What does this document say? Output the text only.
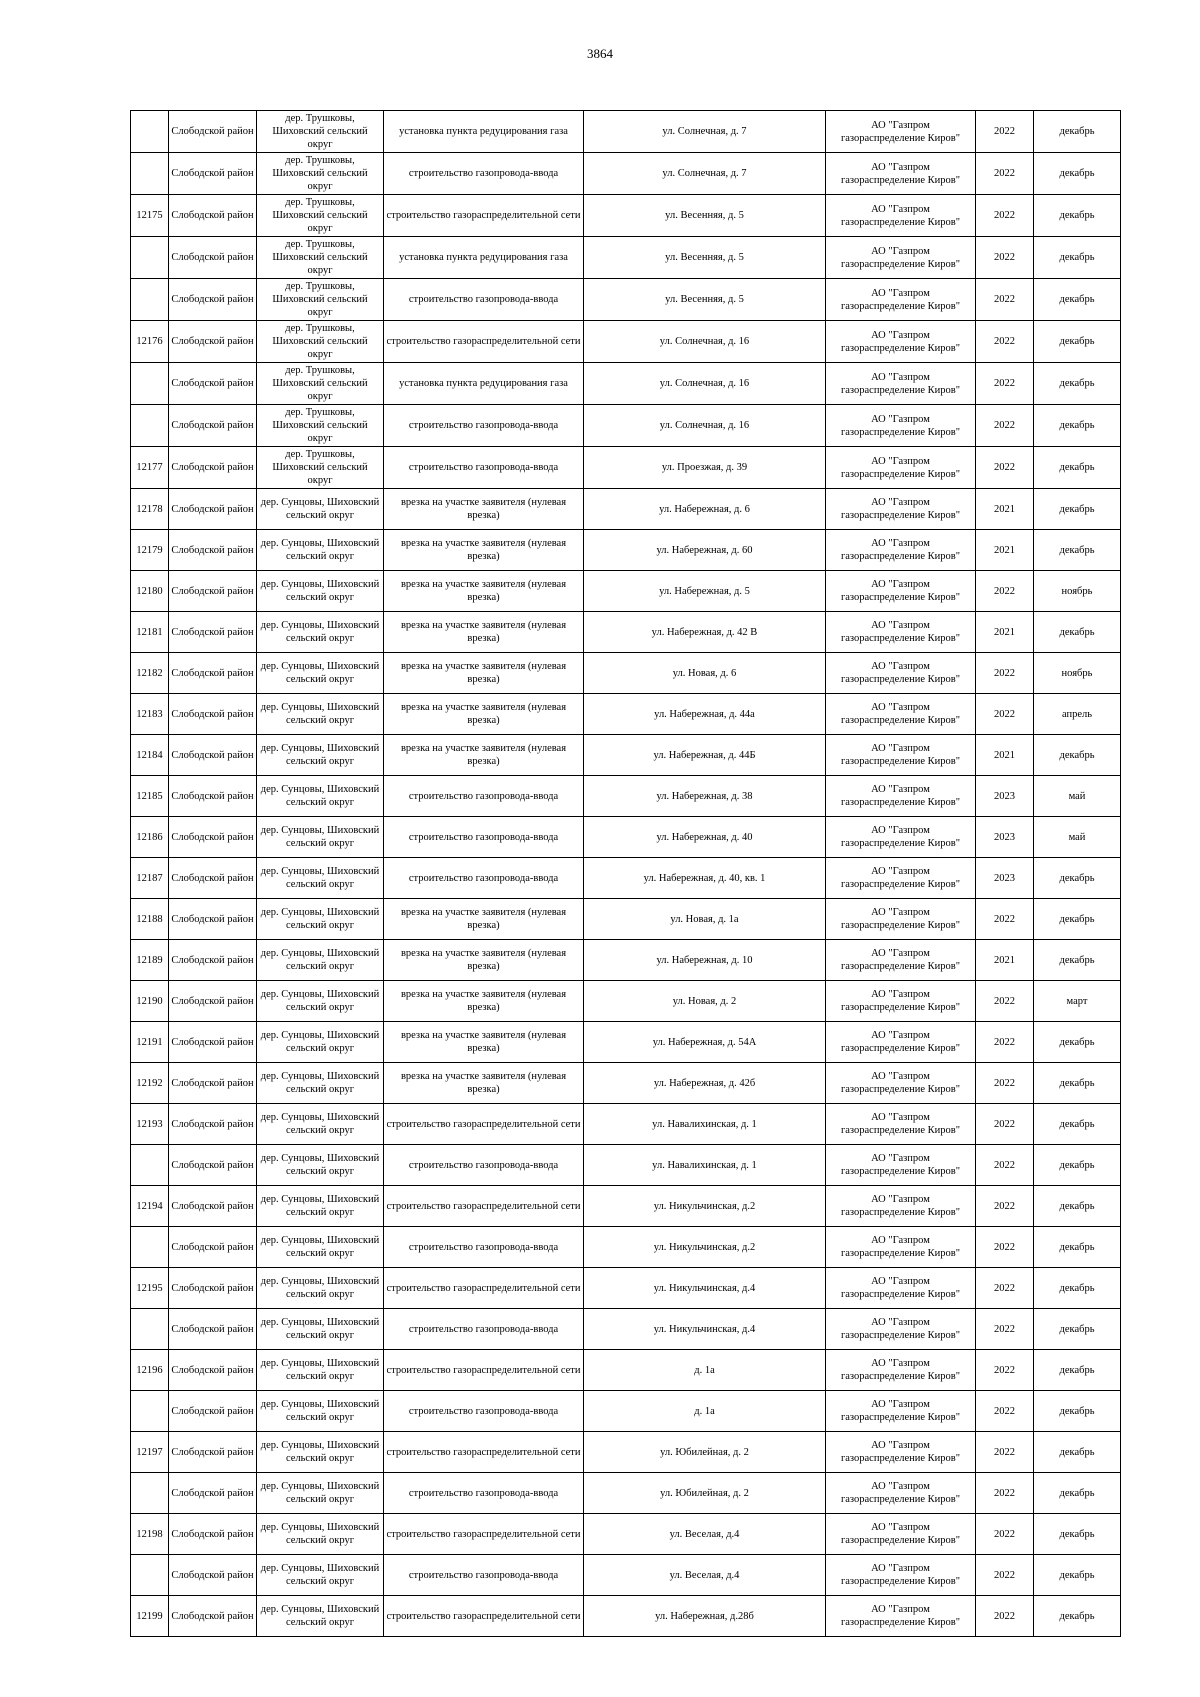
3864
	Слободской район	дер. Трушковы, Шиховский сельский округ	установка пункта редуцирования газа	ул. Солнечная, д. 7	АО "Газпром газораспределение Киров"	2022	декабрь
	Слободской район	дер. Трушковы, Шиховский сельский округ	строительство газопровода-ввода	ул. Солнечная, д. 7	АО "Газпром газораспределение Киров"	2022	декабрь
12175	Слободской район	дер. Трушковы, Шиховский сельский округ	строительство газораспределительной сети	ул. Весенняя, д. 5	АО "Газпром газораспределение Киров"	2022	декабрь
	Слободской район	дер. Трушковы, Шиховский сельский округ	установка пункта редуцирования газа	ул. Весенняя, д. 5	АО "Газпром газораспределение Киров"	2022	декабрь
	Слободской район	дер. Трушковы, Шиховский сельский округ	строительство газопровода-ввода	ул. Весенняя, д. 5	АО "Газпром газораспределение Киров"	2022	декабрь
12176	Слободской район	дер. Трушковы, Шиховский сельский округ	строительство газораспределительной сети	ул. Солнечная, д. 16	АО "Газпром газораспределение Киров"	2022	декабрь
	Слободской район	дер. Трушковы, Шиховский сельский округ	установка пункта редуцирования газа	ул. Солнечная, д. 16	АО "Газпром газораспределение Киров"	2022	декабрь
	Слободской район	дер. Трушковы, Шиховский сельский округ	строительство газопровода-ввода	ул. Солнечная, д. 16	АО "Газпром газораспределение Киров"	2022	декабрь
12177	Слободской район	дер. Трушковы, Шиховский сельский округ	строительство газопровода-ввода	ул. Проезжая, д. 39	АО "Газпром газораспределение Киров"	2022	декабрь
12178	Слободской район	дер. Сунцовы, Шиховский сельский округ	врезка на участке заявителя (нулевая врезка)	ул. Набережная, д. 6	АО "Газпром газораспределение Киров"	2021	декабрь
12179	Слободской район	дер. Сунцовы, Шиховский сельский округ	врезка на участке заявителя (нулевая врезка)	ул. Набережная, д. 60	АО "Газпром газораспределение Киров"	2021	декабрь
12180	Слободской район	дер. Сунцовы, Шиховский сельский округ	врезка на участке заявителя (нулевая врезка)	ул. Набережная, д. 5	АО "Газпром газораспределение Киров"	2022	ноябрь
12181	Слободской район	дер. Сунцовы, Шиховский сельский округ	врезка на участке заявителя (нулевая врезка)	ул. Набережная, д. 42 В	АО "Газпром газораспределение Киров"	2021	декабрь
12182	Слободской район	дер. Сунцовы, Шиховский сельский округ	врезка на участке заявителя (нулевая врезка)	ул. Новая, д. 6	АО "Газпром газораспределение Киров"	2022	ноябрь
12183	Слободской район	дер. Сунцовы, Шиховский сельский округ	врезка на участке заявителя (нулевая врезка)	ул. Набережная, д. 44а	АО "Газпром газораспределение Киров"	2022	апрель
12184	Слободской район	дер. Сунцовы, Шиховский сельский округ	врезка на участке заявителя (нулевая врезка)	ул. Набережная, д. 44Б	АО "Газпром газораспределение Киров"	2021	декабрь
12185	Слободской район	дер. Сунцовы, Шиховский сельский округ	строительство газопровода-ввода	ул. Набережная, д. 38	АО "Газпром газораспределение Киров"	2023	май
12186	Слободской район	дер. Сунцовы, Шиховский сельский округ	строительство газопровода-ввода	ул. Набережная, д. 40	АО "Газпром газораспределение Киров"	2023	май
12187	Слободской район	дер. Сунцовы, Шиховский сельский округ	строительство газопровода-ввода	ул. Набережная, д. 40, кв. 1	АО "Газпром газораспределение Киров"	2023	декабрь
12188	Слободской район	дер. Сунцовы, Шиховский сельский округ	врезка на участке заявителя (нулевая врезка)	ул. Новая, д. 1а	АО "Газпром газораспределение Киров"	2022	декабрь
12189	Слободской район	дер. Сунцовы, Шиховский сельский округ	врезка на участке заявителя (нулевая врезка)	ул. Набережная, д. 10	АО "Газпром газораспределение Киров"	2021	декабрь
12190	Слободской район	дер. Сунцовы, Шиховский сельский округ	врезка на участке заявителя (нулевая врезка)	ул. Новая, д. 2	АО "Газпром газораспределение Киров"	2022	март
12191	Слободской район	дер. Сунцовы, Шиховский сельский округ	врезка на участке заявителя (нулевая врезка)	ул. Набережная, д. 54А	АО "Газпром газораспределение Киров"	2022	декабрь
12192	Слободской район	дер. Сунцовы, Шиховский сельский округ	врезка на участке заявителя (нулевая врезка)	ул. Набережная, д. 42б	АО "Газпром газораспределение Киров"	2022	декабрь
12193	Слободской район	дер. Сунцовы, Шиховский сельский округ	строительство газораспределительной сети	ул. Навалихинская, д. 1	АО "Газпром газораспределение Киров"	2022	декабрь
	Слободской район	дер. Сунцовы, Шиховский сельский округ	строительство газопровода-ввода	ул. Навалихинская, д. 1	АО "Газпром газораспределение Киров"	2022	декабрь
12194	Слободской район	дер. Сунцовы, Шиховский сельский округ	строительство газораспределительной сети	ул. Никульчинская, д.2	АО "Газпром газораспределение Киров"	2022	декабрь
	Слободской район	дер. Сунцовы, Шиховский сельский округ	строительство газопровода-ввода	ул. Никульчинская, д.2	АО "Газпром газораспределение Киров"	2022	декабрь
12195	Слободской район	дер. Сунцовы, Шиховский сельский округ	строительство газораспределительной сети	ул. Никульчинская, д.4	АО "Газпром газораспределение Киров"	2022	декабрь
	Слободской район	дер. Сунцовы, Шиховский сельский округ	строительство газопровода-ввода	ул. Никульчинская, д.4	АО "Газпром газораспределение Киров"	2022	декабрь
12196	Слободской район	дер. Сунцовы, Шиховский сельский округ	строительство газораспределительной сети	д. 1а	АО "Газпром газораспределение Киров"	2022	декабрь
	Слободской район	дер. Сунцовы, Шиховский сельский округ	строительство газопровода-ввода	д. 1а	АО "Газпром газораспределение Киров"	2022	декабрь
12197	Слободской район	дер. Сунцовы, Шиховский сельский округ	строительство газораспределительной сети	ул. Юбилейная, д. 2	АО "Газпром газораспределение Киров"	2022	декабрь
	Слободской район	дер. Сунцовы, Шиховский сельский округ	строительство газопровода-ввода	ул. Юбилейная, д. 2	АО "Газпром газораспределение Киров"	2022	декабрь
12198	Слободской район	дер. Сунцовы, Шиховский сельский округ	строительство газораспределительной сети	ул. Веселая, д.4	АО "Газпром газораспределение Киров"	2022	декабрь
	Слободской район	дер. Сунцовы, Шиховский сельский округ	строительство газопровода-ввода	ул. Веселая, д.4	АО "Газпром газораспределение Киров"	2022	декабрь
12199	Слободской район	дер. Сунцовы, Шиховский сельский округ	строительство газораспределительной сети	ул. Набережная, д.28б	АО "Газпром газораспределение Киров"	2022	декабрь
